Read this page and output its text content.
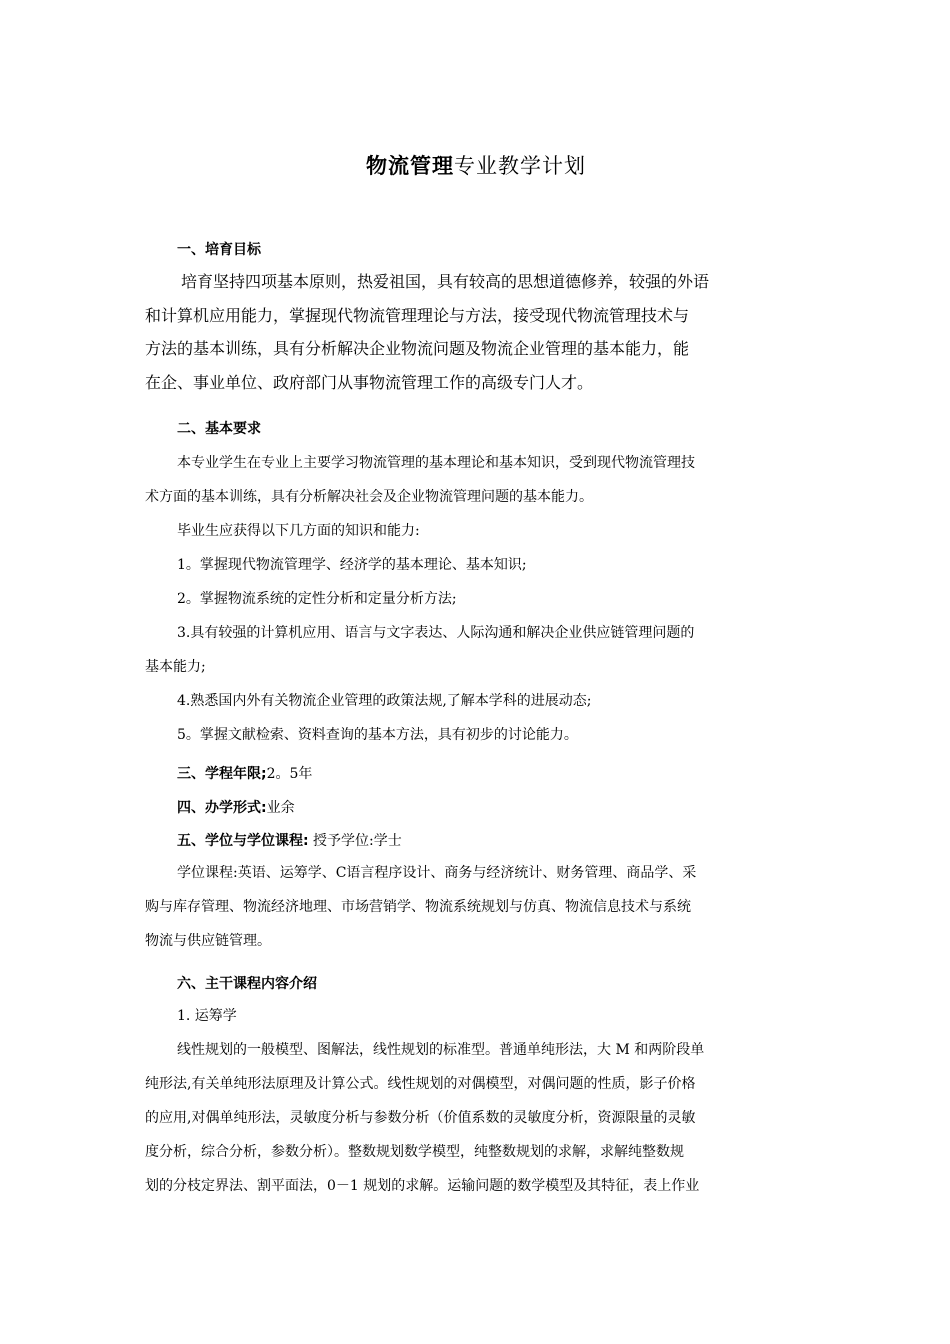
物流管理专业教学计划
一、培育目标
培育坚持四项基本原则，热爱祖国，具有较高的思想道德修养，较强的外语
和计算机应用能力，掌握现代物流管理理论与方法，接受现代物流管理技术与
方法的基本训练，具有分析解决企业物流问题及物流企业管理的基本能力，能
在企、事业单位、政府部门从事物流管理工作的高级专门人才。
二、基本要求
本专业学生在专业上主要学习物流管理的基本理论和基本知识，受到现代物流管理技
术方面的基本训练，具有分析解决社会及企业物流管理问题的基本能力。
毕业生应获得以下几方面的知识和能力:
1。掌握现代物流管理学、经济学的基本理论、基本知识;
2。掌握物流系统的定性分析和定量分析方法;
3.具有较强的计算机应用、语言与文字表达、人际沟通和解决企业供应链管理问题的
基本能力;
4.熟悉国内外有关物流企业管理的政策法规,了解本学科的进展动态;
5。掌握文献检索、资料查询的基本方法，具有初步的讨论能力。
三、学程年限;2。5年
四、办学形式:业余
五、学位与学位课程: 授予学位:学士
学位课程:英语、运筹学、C语言程序设计、商务与经济统计、财务管理、商品学、采
购与库存管理、物流经济地理、市场营销学、物流系统规划与仿真、物流信息技术与系统
物流与供应链管理。
六、主干课程内容介绍
1. 运筹学
线性规划的一般模型、图解法，线性规划的标准型。普通单纯形法，大 M 和两阶段单
纯形法,有关单纯形法原理及计算公式。线性规划的对偶模型，对偶问题的性质，影子价格
的应用,对偶单纯形法，灵敏度分析与参数分析（价值系数的灵敏度分析，资源限量的灵敏
度分析，综合分析，参数分析）。整数规划数学模型，纯整数规划的求解，求解纯整数规
划的分枝定界法、割平面法，0－1 规划的求解。运输问题的数学模型及其特征，表上作业
